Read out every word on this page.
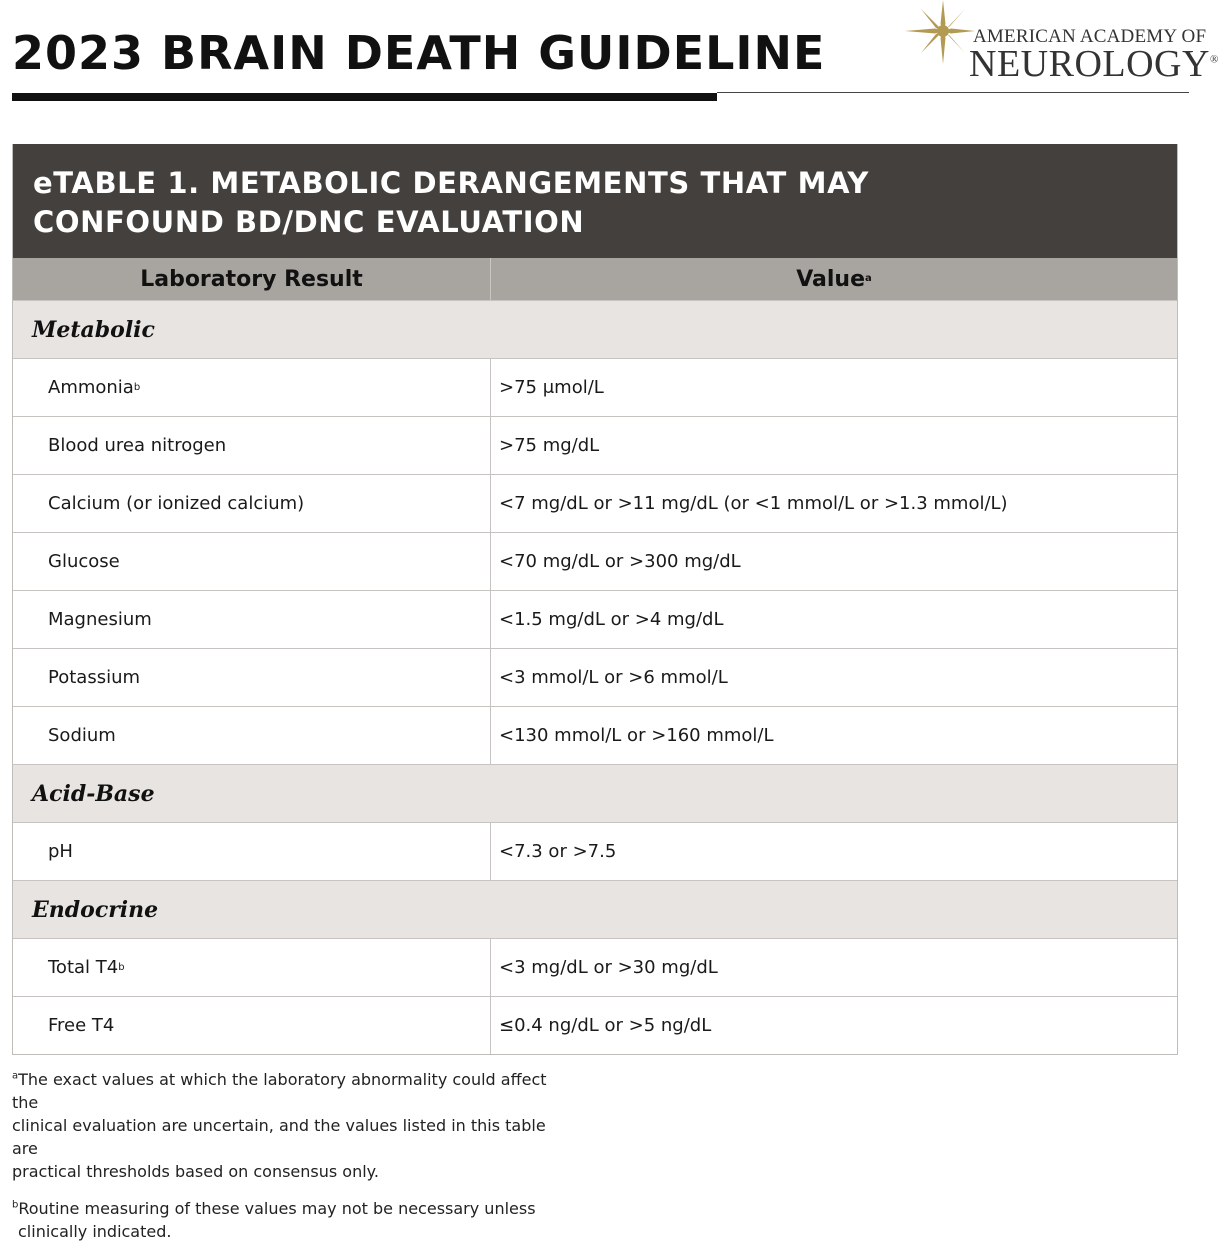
2023 BRAIN DEATH GUIDELINE	AMERICAN ACADEMY OF
NEUROLOGY®
eTABLE 1. METABOLIC DERANGEMENTS THAT MAY
CONFOUND BD/DNC EVALUATION
Laboratory Result	Value a
Metabolic
Ammonia b	>75 μmol/L
Blood urea nitrogen	>75 mg/dL
Calcium (or ionized calcium)	<7 mg/dL or >11 mg/dL (or <1 mmol/L or >1.3 mmol/L)
Glucose	<70 mg/dL or >300 mg/dL
Magnesium	<1.5 mg/dL or >4 mg/dL
Potassium	<3 mmol/L or >6 mmol/L
Sodium	<130 mmol/L or >160 mmol/L
Acid-Base
pH	<7.3 or >7.5
Endocrine
Total T4 b	<3 mg/dL or >30 mg/dL
Free T4	≤0.4 ng/dL or >5 ng/dL
$^a$The exact values at which the laboratory abnormality could affect the
clinical evaluation are uncertain, and the values listed in this table are
practical thresholds based on consensus only.
$^b$Routine measuring of these values may not be necessary unless
clinically indicated.
